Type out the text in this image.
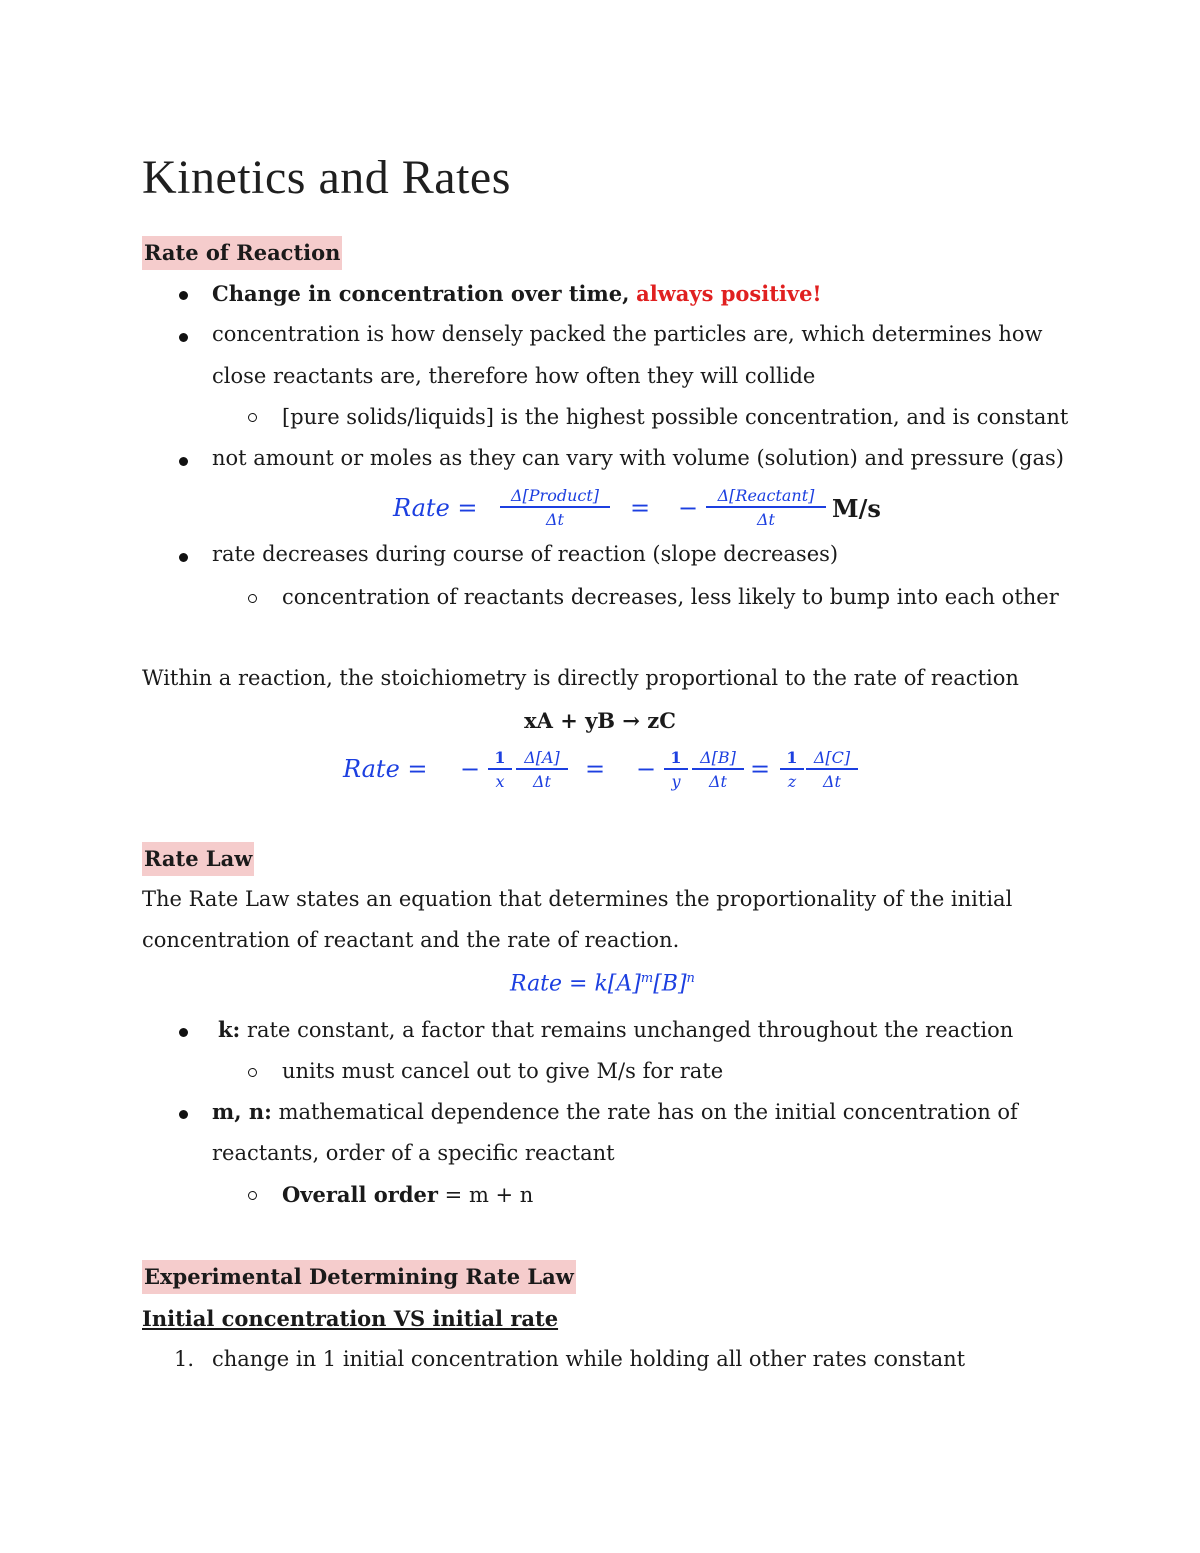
Kinetics and Rates
Rate of Reaction
Change in concentration over time, always positive!
concentration is how densely packed the particles are, which determines how
close reactants are, therefore how often they will collide
[pure solids/liquids] is the highest possible concentration, and is constant
not amount or moles as they can vary with volume (solution) and pressure (gas)
Rate =	Δ[Product]
Δt	= −	Δ[Reactant]
Δt	M/s
rate decreases during course of reaction (slope decreases)
concentration of reactants decreases, less likely to bump into each other
Within a reaction, the stoichiometry is directly proportional to the rate of reaction
xA + yB → zC
Rate = − $\frac{1}{x} \frac{\Delta[A]}{\Delta t}$ = − $\frac{1}{y} \frac{\Delta[B]}{\Delta t} = \frac{1}{z} \frac{\Delta[C]}{\Delta t}$
Rate Law
The Rate Law states an equation that determines the proportionality of the initial
concentration of reactant and the rate of reaction.
Rate = $k[A]^m[B]^n$
k: rate constant, a factor that remains unchanged throughout the reaction
units must cancel out to give M/s for rate
m, n: mathematical dependence the rate has on the initial concentration of
reactants, order of a specific reactant
Overall order = m + n
Experimental Determining Rate Law
Initial concentration VS initial rate
1. change in 1 initial concentration while holding all other rates constant
